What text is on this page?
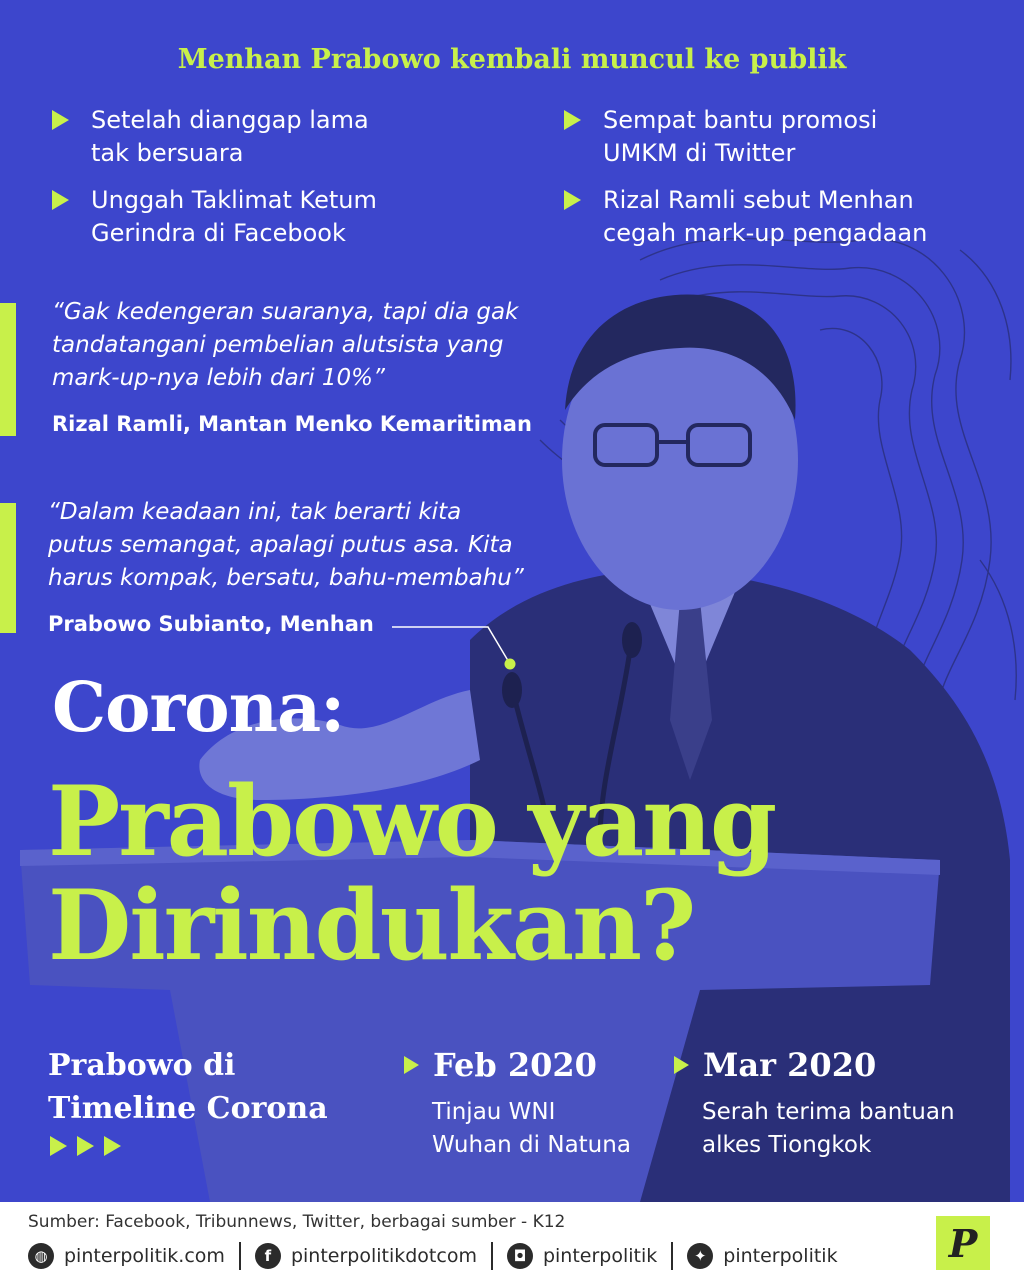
Menhan Prabowo kembali muncul ke publik
Setelah dianggap lama
tak bersuara
Unggah Taklimat Ketum
Gerindra di Facebook
Sempat bantu promosi
UMKM di Twitter
Rizal Ramli sebut Menhan
cegah mark-up pengadaan
“Gak kedengeran suaranya, tapi dia gak
tandatangani pembelian alutsista yang
mark-up-nya lebih dari 10%”
Rizal Ramli, Mantan Menko Kemaritiman
“Dalam keadaan ini, tak berarti kita
putus semangat, apalagi putus asa. Kita
harus kompak, bersatu, bahu-membahu”
Prabowo Subianto, Menhan
Corona:
Prabowo yang
Dirindukan?
Prabowo di
Timeline Corona
Feb 2020
Tinjau WNI
Wuhan di Natuna
Mar 2020
Serah terima bantuan
alkes Tiongkok
Sumber: Facebook, Tribunnews, Twitter, berbagai sumber - K12
◍ pinterpolitik.com	f	pinterpolitikdotcom	◘ pinterpolitik	✦ pinterpolitik	P
